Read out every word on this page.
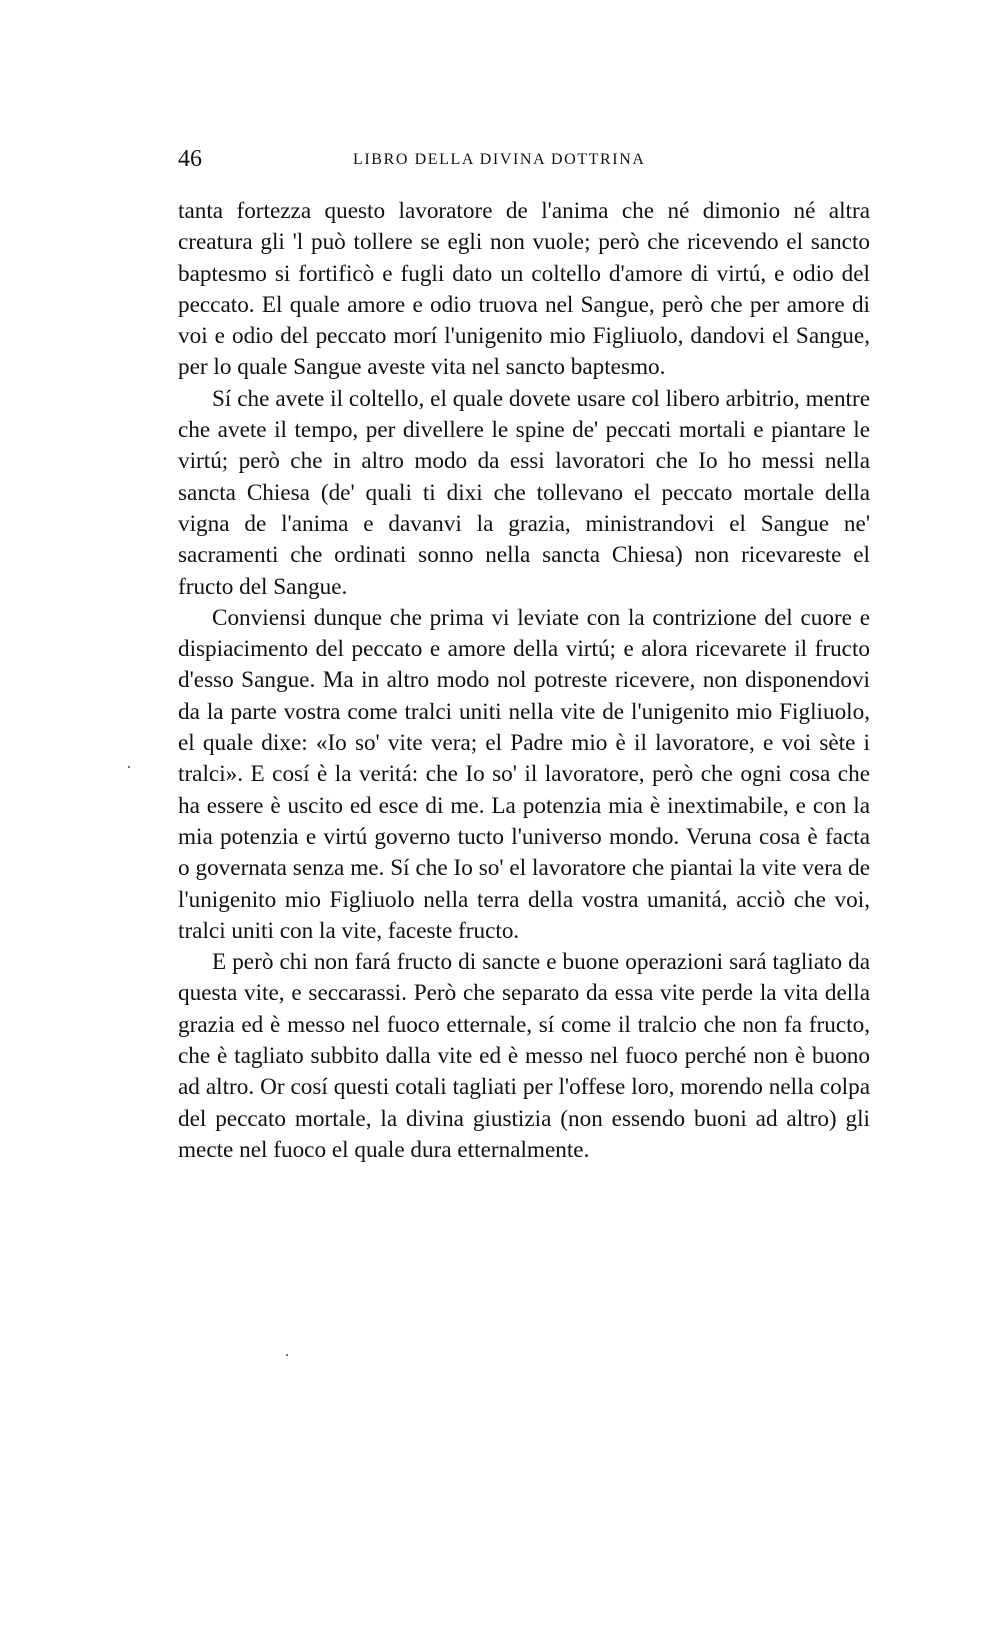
46	LIBRO DELLA DIVINA DOTTRINA

tanta fortezza questo lavoratore de l'anima che né dimonio né altra creatura gli 'l può tollere se egli non vuole; però che ricevendo el sancto baptesmo si fortificò e fugli dato un coltello d'amore di virtú, e odio del peccato. El quale amore e odio truova nel Sangue, però che per amore di voi e odio del peccato morí l'unigenito mio Figliuolo, dandovi el Sangue, per lo quale Sangue aveste vita nel sancto baptesmo.

Sí che avete il coltello, el quale dovete usare col libero arbitrio, mentre che avete il tempo, per divellere le spine de' peccati mortali e piantare le virtú; però che in altro modo da essi lavoratori che Io ho messi nella sancta Chiesa (de' quali ti dixi che tollevano el peccato mortale della vigna de l'anima e davanvi la grazia, ministrandovi el Sangue ne' sacramenti che ordinati sonno nella sancta Chiesa) non ricevareste el fructo del Sangue.

Conviensi dunque che prima vi leviate con la contrizione del cuore e dispiacimento del peccato e amore della virtú; e alora ricevarete il fructo d'esso Sangue. Ma in altro modo nol potreste ricevere, non disponendovi da la parte vostra come tralci uniti nella vite de l'unigenito mio Figliuolo, el quale dixe: «Io so' vite vera; el Padre mio è il lavoratore, e voi sète i tralci». E cosí è la veritá: che Io so' il lavoratore, però che ogni cosa che ha essere è uscito ed esce di me. La potenzia mia è inextimabile, e con la mia potenzia e virtú governo tucto l'universo mondo. Veruna cosa è facta o governata senza me. Sí che Io so' el lavoratore che piantai la vite vera de l'unigenito mio Figliuolo nella terra della vostra umanitá, acciò che voi, tralci uniti con la vite, faceste fructo.

E però chi non fará fructo di sancte e buone operazioni sará tagliato da questa vite, e seccarassi. Però che separato da essa vite perde la vita della grazia ed è messo nel fuoco etternale, sí come il tralcio che non fa fructo, che è tagliato subbito dalla vite ed è messo nel fuoco perché non è buono ad altro. Or cosí questi cotali tagliati per l'offese loro, morendo nella colpa del peccato mortale, la divina giustizia (non essendo buoni ad altro) gli mecte nel fuoco el quale dura etternalmente.
